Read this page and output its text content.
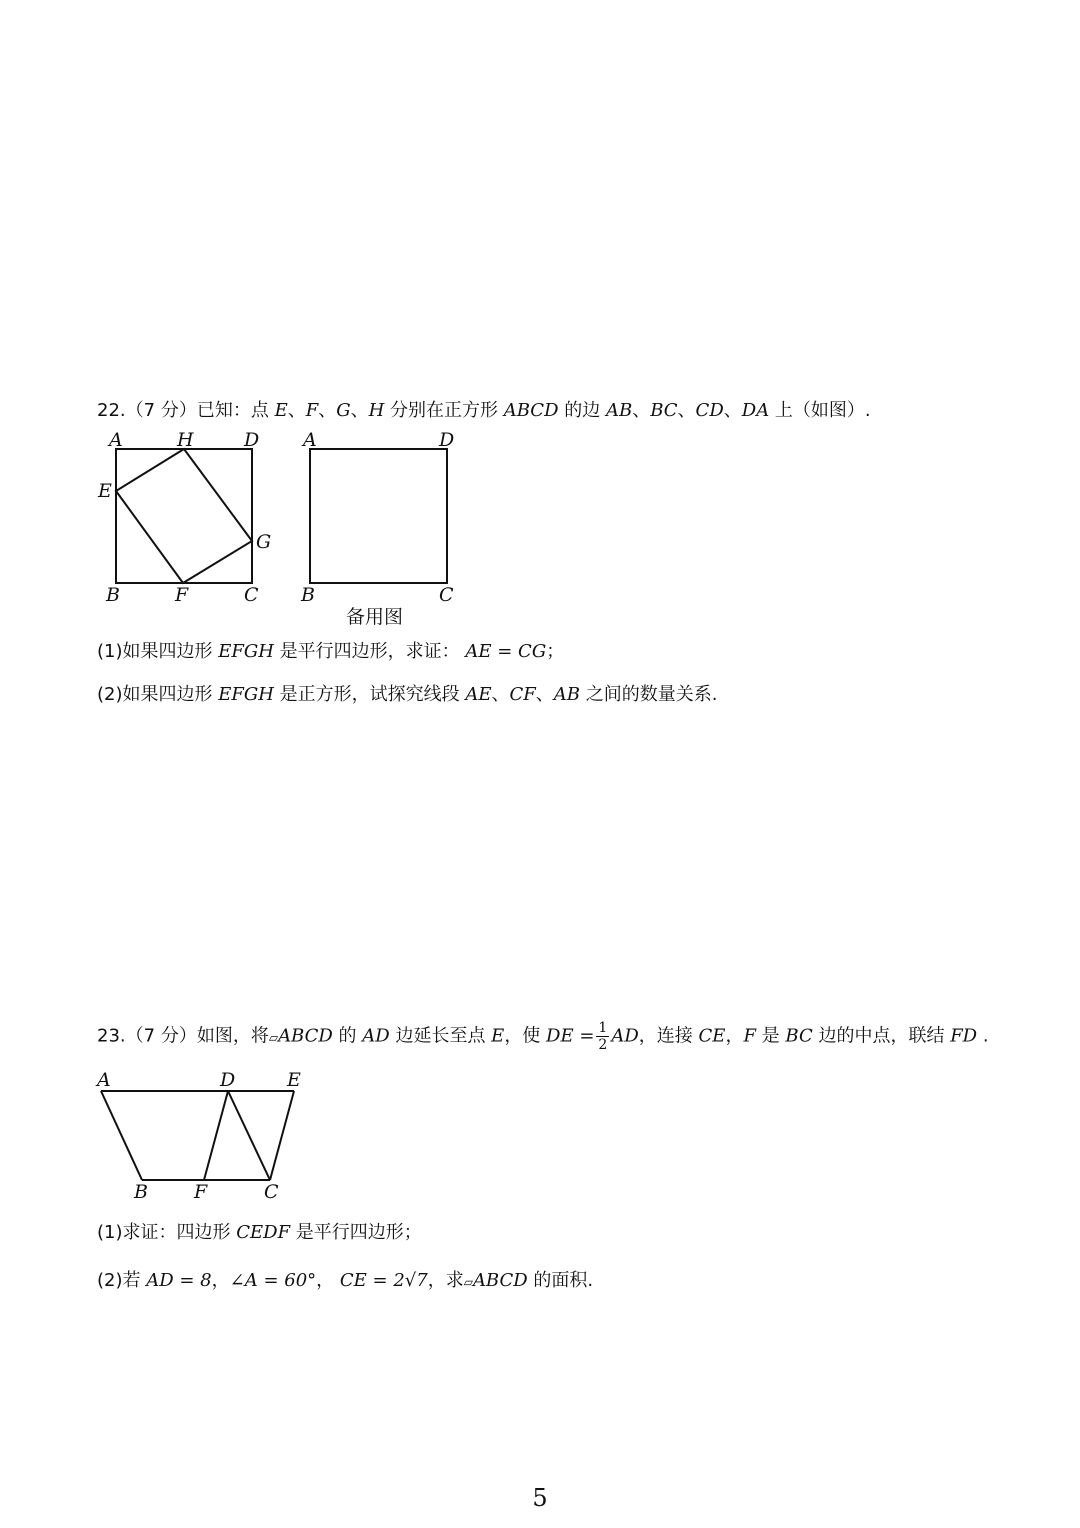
22.（7 分）已知：点 E、F、G、H 分别在正方形 ABCD 的边 AB、BC、CD、DA 上（如图）.
A	H	D
E
G
B	F	C
A	D
B	C
备用图
(1)如果四边形 EFGH 是平行四边形，求证： AE = CG；
(2)如果四边形 EFGH 是正方形，试探究线段 AE、CF、AB 之间的数量关系.
23.（7 分）如图，将▱ABCD 的 AD 边延长至点 E，使 DE = $\frac{1}{2}$ AD，连接 CE，F 是 BC 边的中点，联结 FD .
A	D	E
B F	C
(1)求证：四边形 CEDF 是平行四边形；
(2)若 AD = 8，∠A = 60°， CE = 2√7，求▱ABCD 的面积.
5
